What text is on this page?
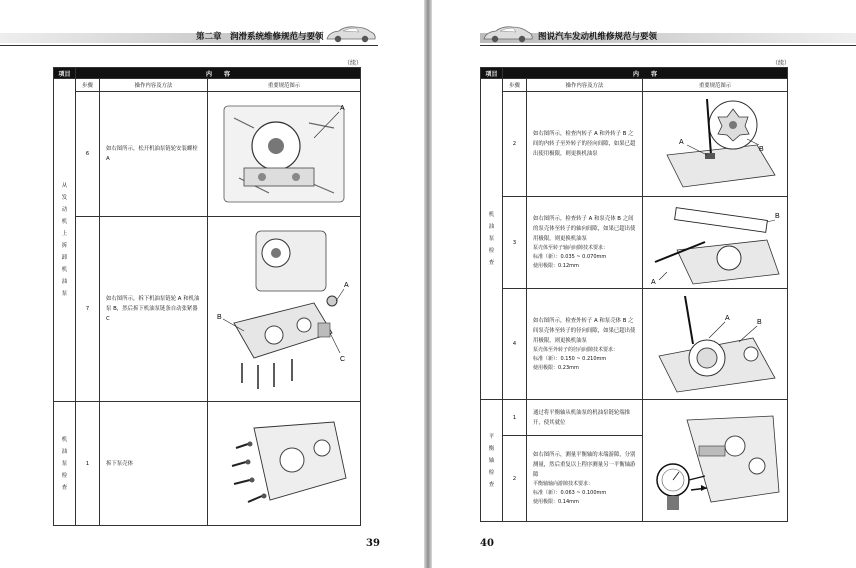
第二章　润滑系统维修规范与要领
（续）
项目	内　　容		
从发动机上拆卸机油泵	步骤	操作内容及方法	重要规范图示
	6	如右图所示，松开机油泵链轮安装螺栓 A	A

	7	如右图所示，拆下机油泵链轮 A 和机油泵 B，然后拆下机油泵链条自动张紧器 C	A
B
C

机油泵检查	1	拆下泵壳体	
39
图说汽车发动机维修规范与要领
（续）
项目	内　　容		
机油泵检查	步骤	操作内容及方法	重要规范图示
	2	如右图所示，检查内转子 A 和外转子 B 之间的内转子至外转子的径向间隙，如果已超出使用极限，则更换机油泵	A
B

	3	如右图所示，检查转子 A 和泵壳体 B 之间的泵壳体至转子的轴向间隙，如果已超出使用极限，则更换机油泵
泵壳体至转子轴向间隙技术要求：
标准（新）：0.035 ~ 0.070mm
使用极限：0.12mm	B
A

	4	如右图所示，检查外转子 A 和泵壳体 B 之间泵壳体至转子的径向间隙，如果已超出使用极限，则更换机油泵
泵壳体至外转子的径向间隙技术要求：
标准（新）：0.150 ~ 0.210mm
使用极限：0.23mm	A
B

平衡轴检查	1	通过将平衡轴从机油泵的机油泵链轮端推开，使其就位	

	2	如右图所示，测量平衡轴的末端游隙，分别测量，然后重复以上程序测量另一平衡轴游隙
平衡轴轴向游隙技术要求：
标准（新）：0.063 ~ 0.100mm
使用极限：0.14mm	
40
